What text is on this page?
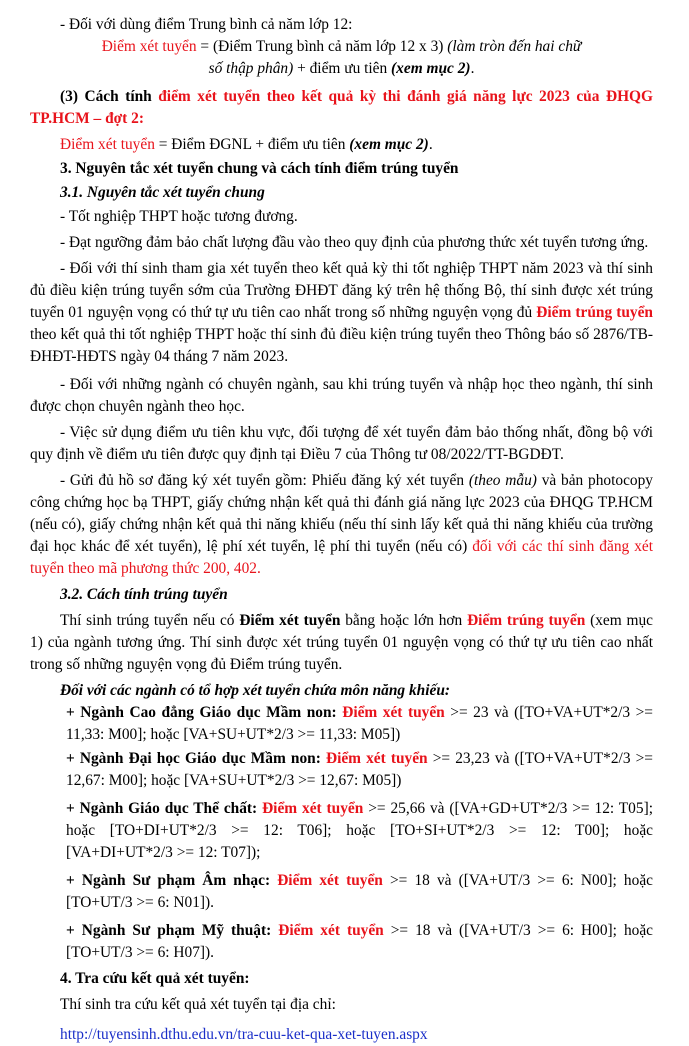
- Đối với dùng điểm Trung bình cả năm lớp 12:

Điểm xét tuyển = (Điểm Trung bình cả năm lớp 12 x 3) (làm tròn đến hai chữ

số thập phân) + điểm ưu tiên (xem mục 2).

(3) Cách tính điểm xét tuyển theo kết quả kỳ thi đánh giá năng lực 2023 của ĐHQG TP.HCM – đợt 2:

Điểm xét tuyển = Điểm ĐGNL + điểm ưu tiên (xem mục 2).

3. Nguyên tắc xét tuyển chung và cách tính điểm trúng tuyển

3.1. Nguyên tắc xét tuyển chung

- Tốt nghiệp THPT hoặc tương đương.

- Đạt ngưỡng đảm bảo chất lượng đầu vào theo quy định của phương thức xét tuyển tương ứng.

- Đối với thí sinh tham gia xét tuyển theo kết quả kỳ thi tốt nghiệp THPT năm 2023 và thí sinh đủ điều kiện trúng tuyển sớm của Trường ĐHĐT đăng ký trên hệ thống Bộ, thí sinh được xét trúng tuyển 01 nguyện vọng có thứ tự ưu tiên cao nhất trong số những nguyện vọng đủ Điểm trúng tuyển theo kết quả thi tốt nghiệp THPT hoặc thí sinh đủ điều kiện trúng tuyển theo Thông báo số 2876/TB-ĐHĐT-HĐTS ngày 04 tháng 7 năm 2023.

- Đối với những ngành có chuyên ngành, sau khi trúng tuyển và nhập học theo ngành, thí sinh được chọn chuyên ngành theo học.

- Việc sử dụng điểm ưu tiên khu vực, đối tượng để xét tuyển đảm bảo thống nhất, đồng bộ với quy định về điểm ưu tiên được quy định tại Điều 7 của Thông tư 08/2022/TT-BGDĐT.

- Gửi đủ hồ sơ đăng ký xét tuyển gồm: Phiếu đăng ký xét tuyển (theo mẫu) và bản photocopy công chứng học bạ THPT, giấy chứng nhận kết quả thi đánh giá năng lực 2023 của ĐHQG TP.HCM (nếu có), giấy chứng nhận kết quả thi năng khiếu (nếu thí sinh lấy kết quả thi năng khiếu của trường đại học khác để xét tuyển), lệ phí xét tuyển, lệ phí thi tuyển (nếu có) đối với các thí sinh đăng xét tuyển theo mã phương thức 200, 402.

3.2. Cách tính trúng tuyển

Thí sinh trúng tuyển nếu có Điểm xét tuyển bằng hoặc lớn hơn Điểm trúng tuyển (xem mục 1) của ngành tương ứng. Thí sinh được xét trúng tuyển 01 nguyện vọng có thứ tự ưu tiên cao nhất trong số những nguyện vọng đủ Điểm trúng tuyển.

Đối với các ngành có tổ hợp xét tuyển chứa môn năng khiếu:

+ Ngành Cao đẳng Giáo dục Mầm non: Điểm xét tuyển >= 23 và ([TO+VA+UT*2/3 >= 11,33: M00]; hoặc [VA+SU+UT*2/3 >= 11,33: M05])

+ Ngành Đại học Giáo dục Mầm non: Điểm xét tuyển >= 23,23 và ([TO+VA+UT*2/3 >= 12,67: M00]; hoặc [VA+SU+UT*2/3 >= 12,67: M05])

+ Ngành Giáo dục Thể chất: Điểm xét tuyển >= 25,66 và ([VA+GD+UT*2/3 >= 12: T05]; hoặc [TO+DI+UT*2/3 >= 12: T06]; hoặc [TO+SI+UT*2/3 >= 12: T00]; hoặc [VA+DI+UT*2/3 >= 12: T07]);

+ Ngành Sư phạm Âm nhạc: Điểm xét tuyển >= 18 và ([VA+UT/3 >= 6: N00]; hoặc [TO+UT/3 >= 6: N01]).

+ Ngành Sư phạm Mỹ thuật: Điểm xét tuyển >= 18 và ([VA+UT/3 >= 6: H00]; hoặc [TO+UT/3 >= 6: H07]).

4. Tra cứu kết quả xét tuyển:

Thí sinh tra cứu kết quả xét tuyển tại địa chỉ:

http://tuyensinh.dthu.edu.vn/tra-cuu-ket-qua-xet-tuyen.aspx
